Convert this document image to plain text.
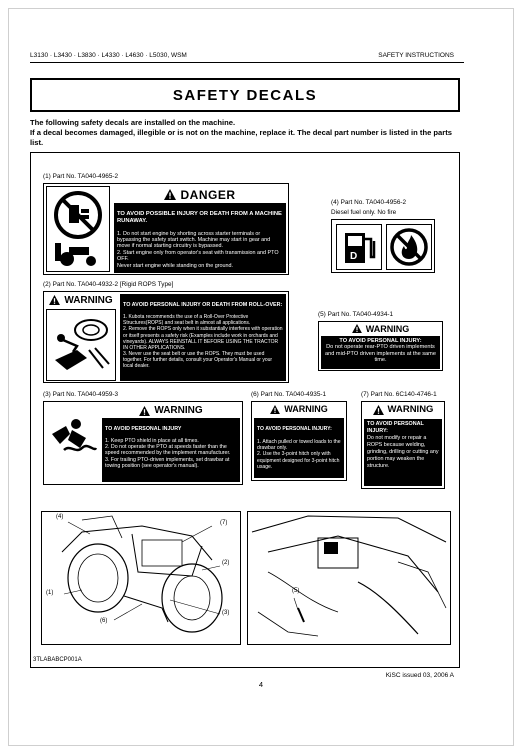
L3130 · L3430 · L3830 · L4330 · L4630 · L5030, WSM	SAFETY INSTRUCTIONS
SAFETY DECALS
The following safety decals are installed on the machine.
If a decal becomes damaged, illegible or is not on the machine, replace it. The decal part number is listed in the parts list.
(1) Part No. TA040-4965-2
DANGER

TO AVOID POSSIBLE INJURY OR DEATH FROM A MACHINE RUNAWAY.

1. Do not start engine by shorting across starter terminals or bypassing the safety start switch. Machine may start in gear and move if normal starting circuitry is bypassed.
2. Start engine only from operator's seat with transmission and PTO OFF.
Never start engine while standing on the ground.

(4) Part No. TA040-4956-2
Diesel fuel only. No fire
D
(2) Part No. TA040-4932-2 [Rigid ROPS Type]
WARNING TO AVOID PERSONAL INJURY OR DEATH FROM ROLL-OVER:

1. Kubota recommends the use of a Roll-Over Protective Structures(ROPS) and seat belt in almost all applications.
2. Remove the ROPS only when it substantially interferes with operation or itself presents a safety risk (Examples include work in orchards and vineyards). ALWAYS REINSTALL IT BEFORE USING THE TRACTOR IN OTHER APPLICATIONS.
3. Never use the seat belt or use the ROPS. They must be used together. For further details, consult your Operator's Manual or your local dealer.

(5) Part No. TA040-4934-1
WARNING
TO AVOID PERSONAL INJURY:
Do not operate rear-PTO driven implements and mid-PTO driven implements at the same time.
(3) Part No. TA040-4959-3
WARNING

TO AVOID PERSONAL INJURY

1. Keep PTO shield in place at all times.
2. Do not operate the PTO at speeds faster than the speed recommended by the implement manufacturer.
3. For trailing PTO-driven implements, set drawbar at towing position (see operator's manual).

(6) Part No. TA040-4935-1
WARNING

TO AVOID PERSONAL INJURY:

1. Attach pulled or towed loads to the drawbar only.
2. Use the 3-point hitch only with equipment designed for 3-point hitch usage.

(7) Part No. 6C140-4746-1
WARNING
TO AVOID PERSONAL INJURY:
Do not modify or repair a ROPS because welding, grinding, drilling or cutting any portion may weaken the structure.
(4)
(7)
(2)
(1)
(3)
(6)
(5)
3TLABABCP001A
KiSC issued 03, 2006 A
4
